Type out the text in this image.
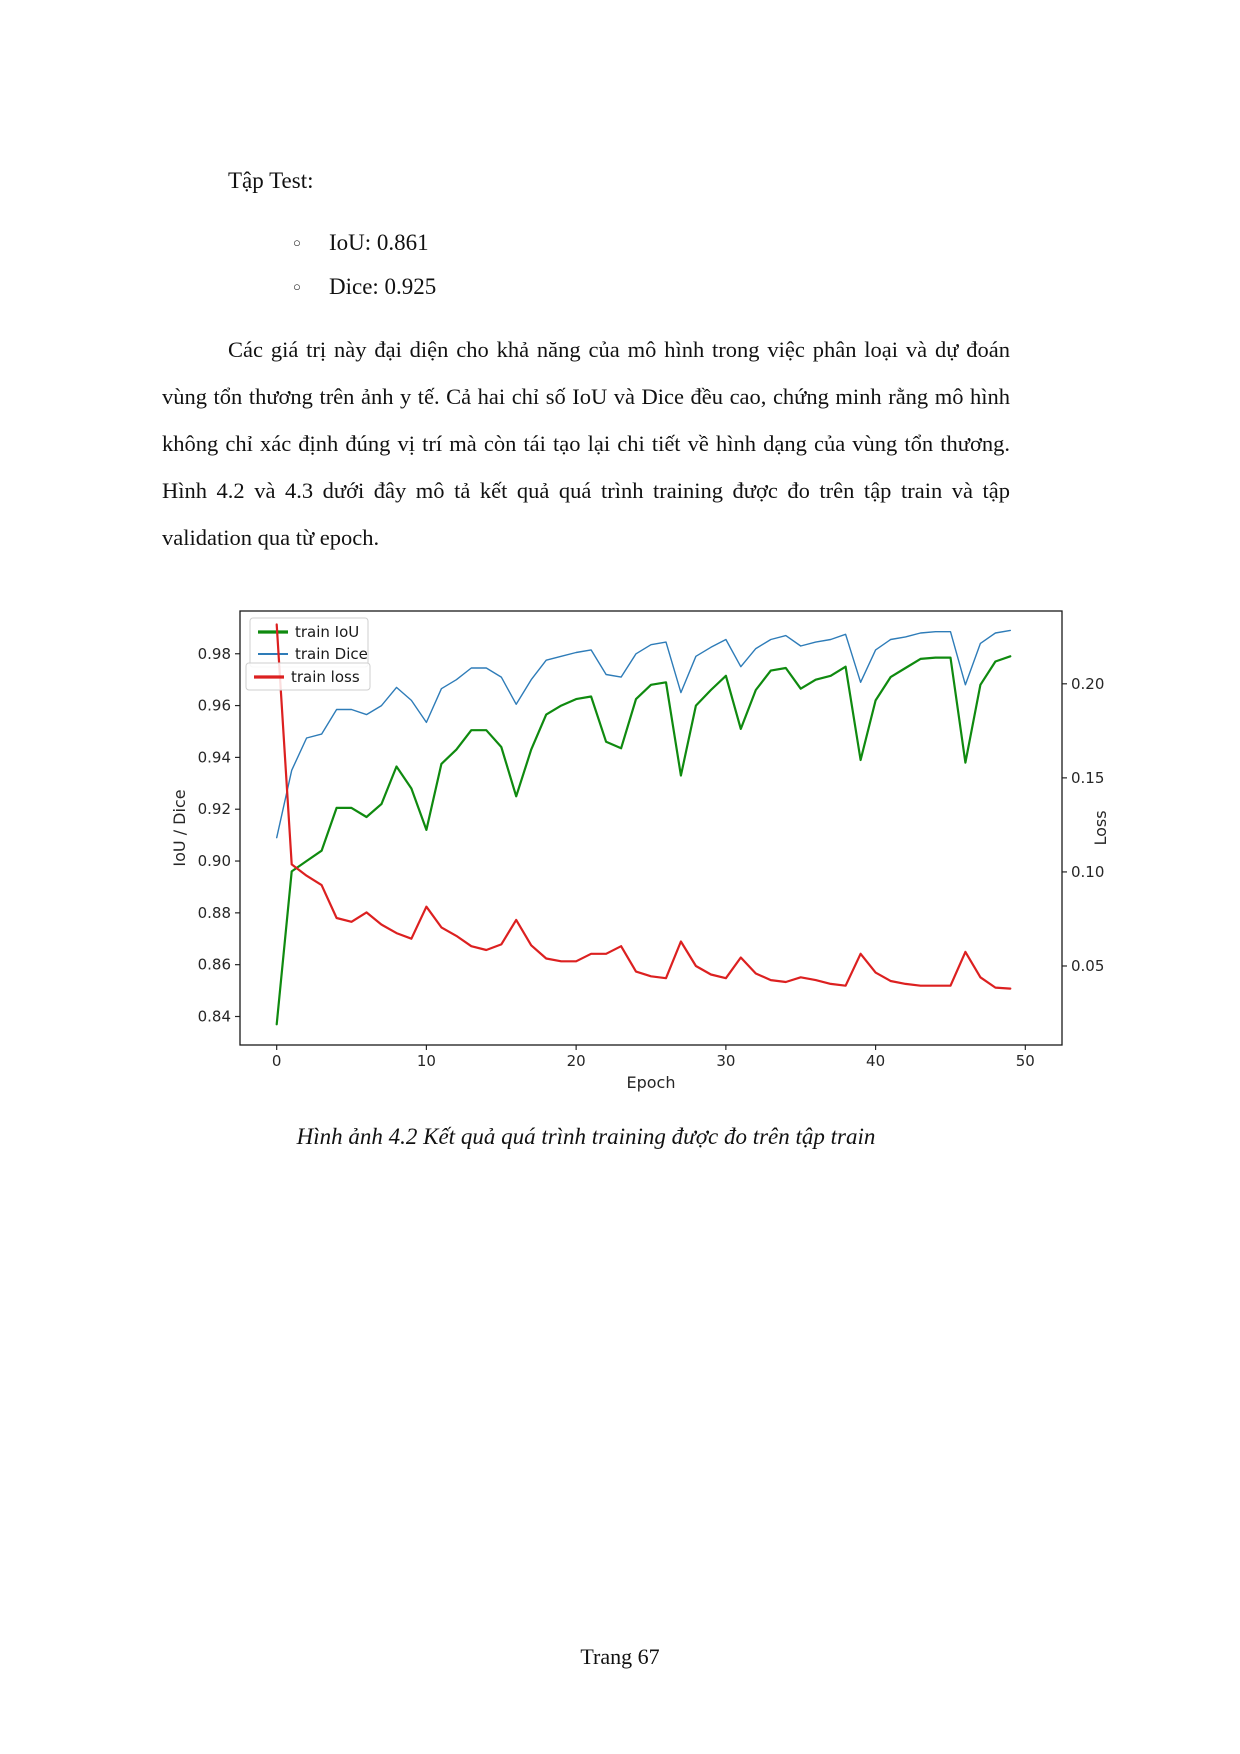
Tập Test:
○	IoU: 0.861
○	Dice: 0.925
Các giá trị này đại diện cho khả năng của mô hình trong việc phân loại và dự đoán vùng tổn thương trên ảnh y tế. Cả hai chỉ số IoU và Dice đều cao, chứng minh rằng mô hình không chỉ xác định đúng vị trí mà còn tái tạo lại chi tiết về hình dạng của vùng tổn thương. Hình 4.2 và 4.3 dưới đây mô tả kết quả quá trình training được đo trên tập train và tập validation qua từ epoch.
0	10	20	30	40	50
0.84
0.86
0.88
0.90
0.92
0.94
0.96
0.98
0.05
0.10
0.15
0.20
Epoch
IoU / Dice	Loss
train IoU
train Dice
train loss
Hình ảnh 4.2 Kết quả quá trình training được đo trên tập train
Trang 67
